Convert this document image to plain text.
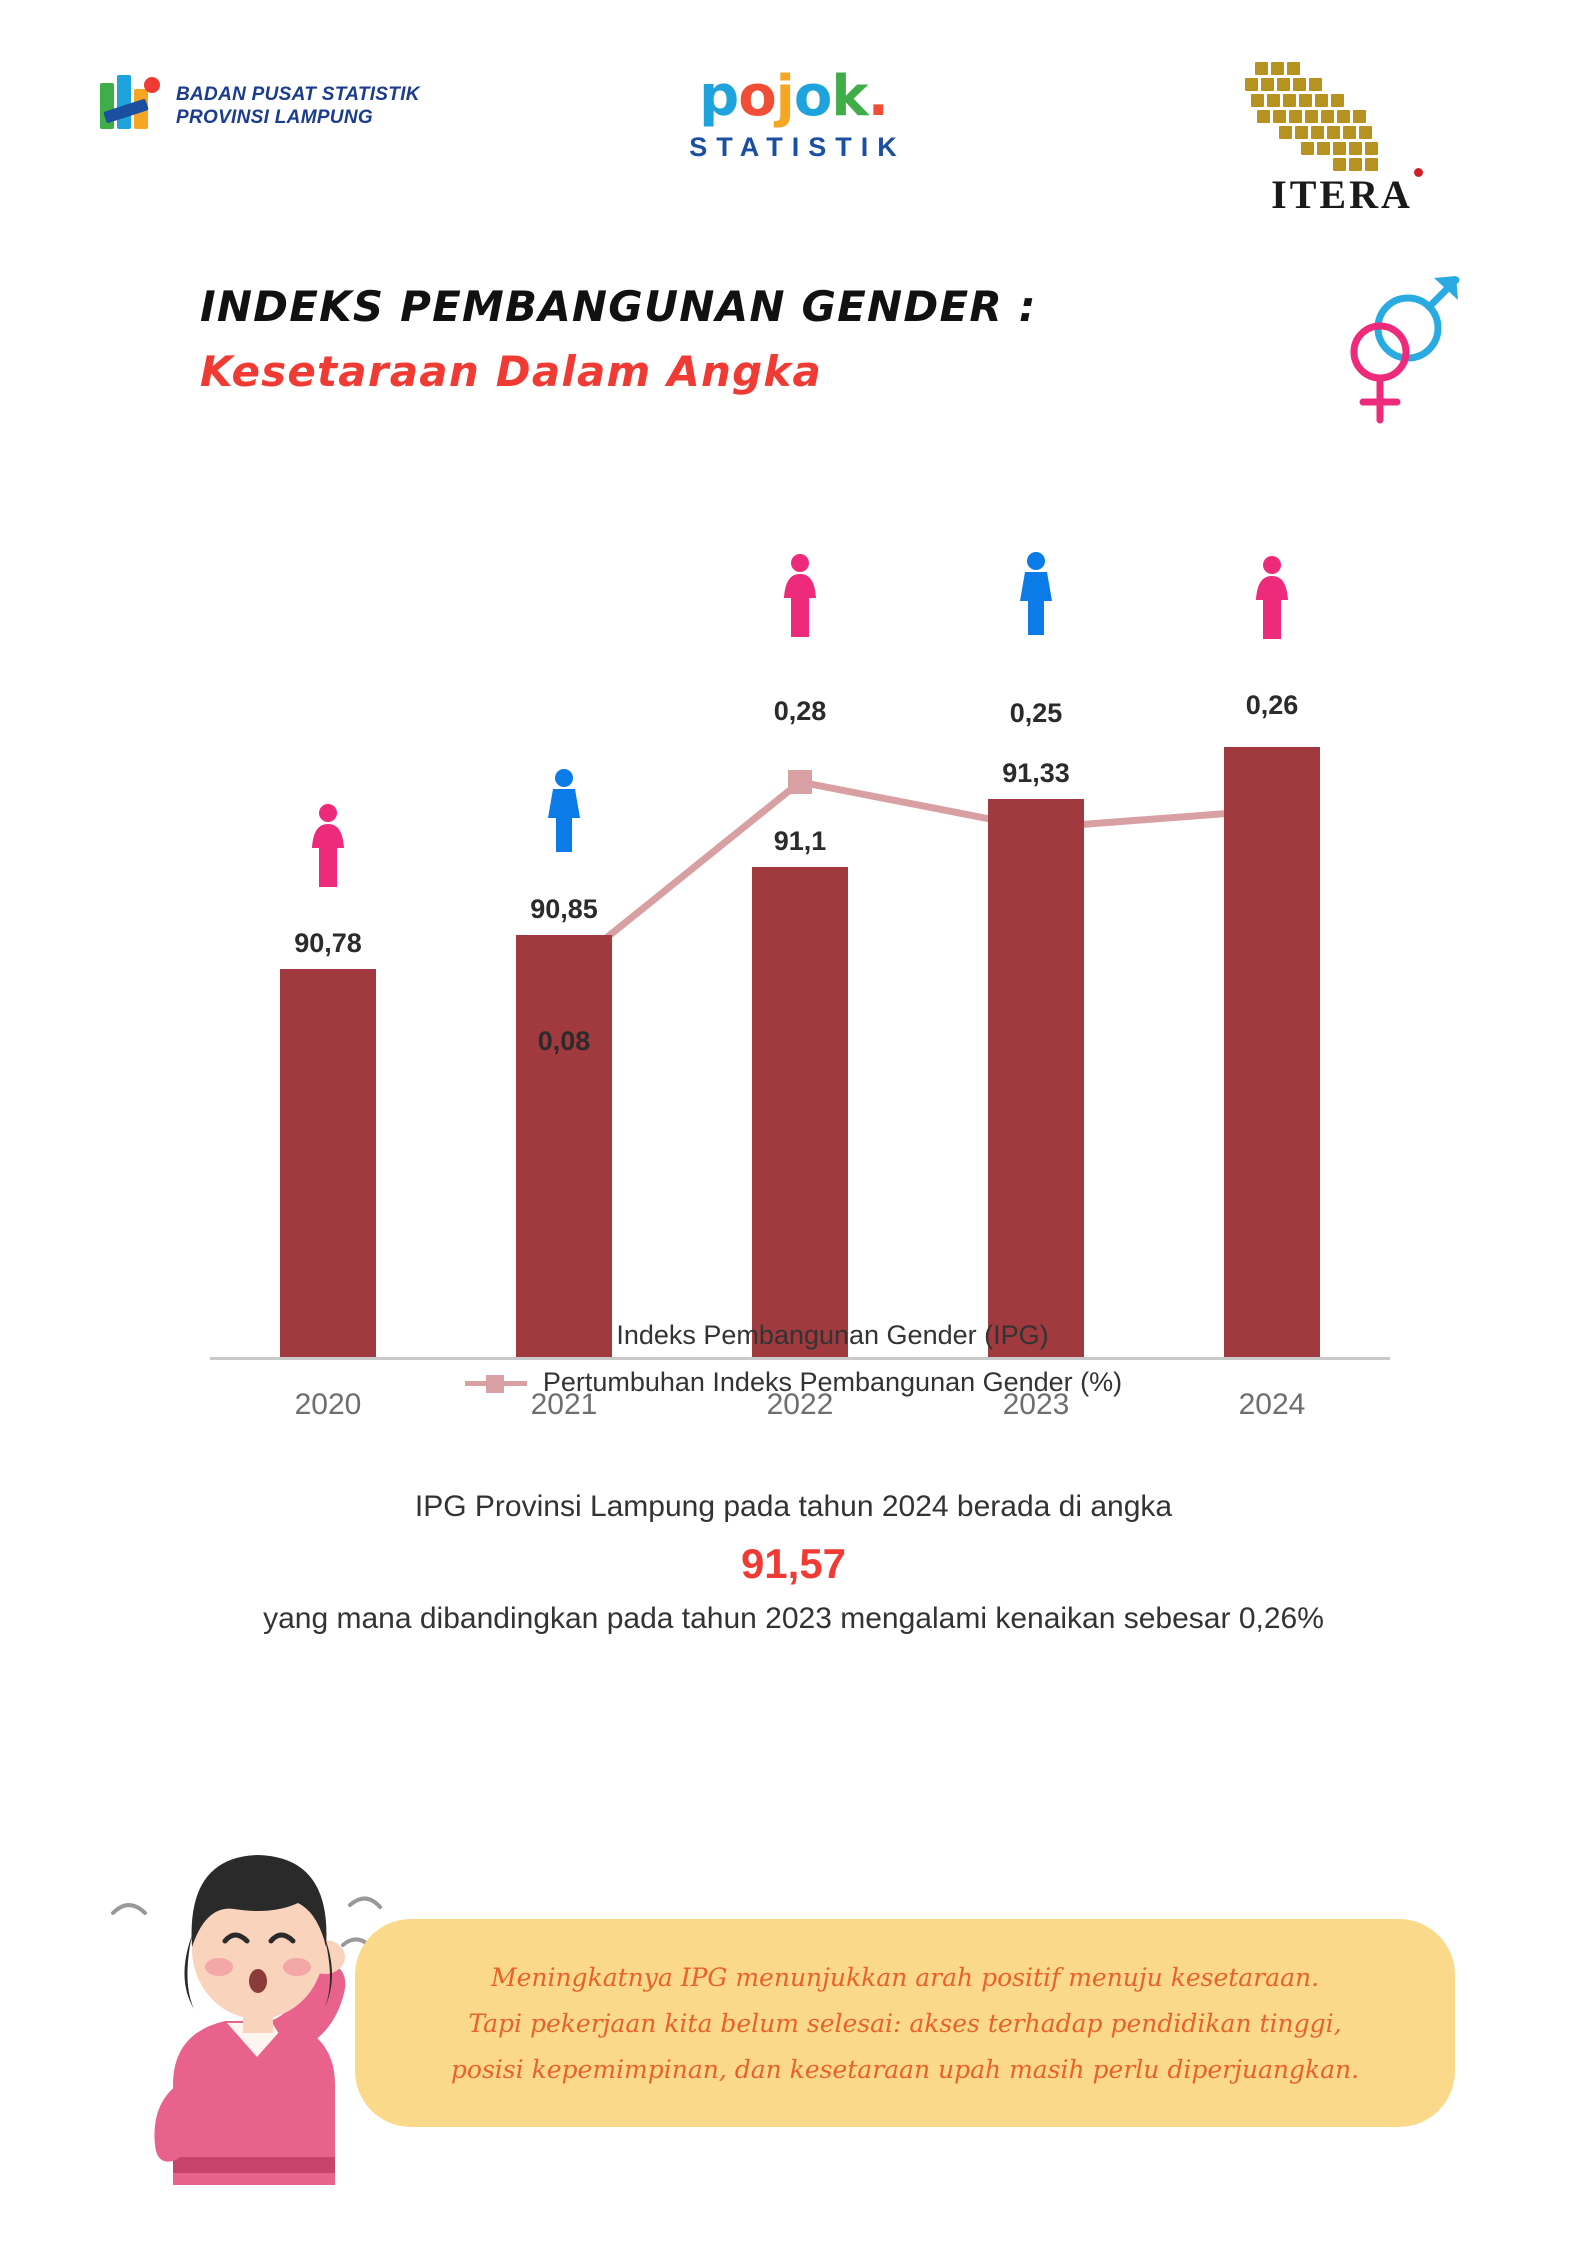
BADAN PUSAT STATISTIK
PROVINSI LAMPUNG	pojok.
STATISTIK
ITERA
INDEKS PEMBANGUNAN GENDER :
Kesetaraan Dalam Angka
90,78
90,85
0,08
0,28
91,1
0,25
91,33
0,26
2020	2021	2022	2023	2024
Indeks Pembangunan Gender (IPG)
Pertumbuhan Indeks Pembangunan Gender (%)
IPG Provinsi Lampung pada tahun 2024 berada di angka
91,57
yang mana dibandingkan pada tahun 2023 mengalami kenaikan sebesar 0,26%
Meningkatnya IPG menunjukkan arah positif menuju kesetaraan.
Tapi pekerjaan kita belum selesai: akses terhadap pendidikan tinggi,
posisi kepemimpinan, dan kesetaraan upah masih perlu diperjuangkan.
